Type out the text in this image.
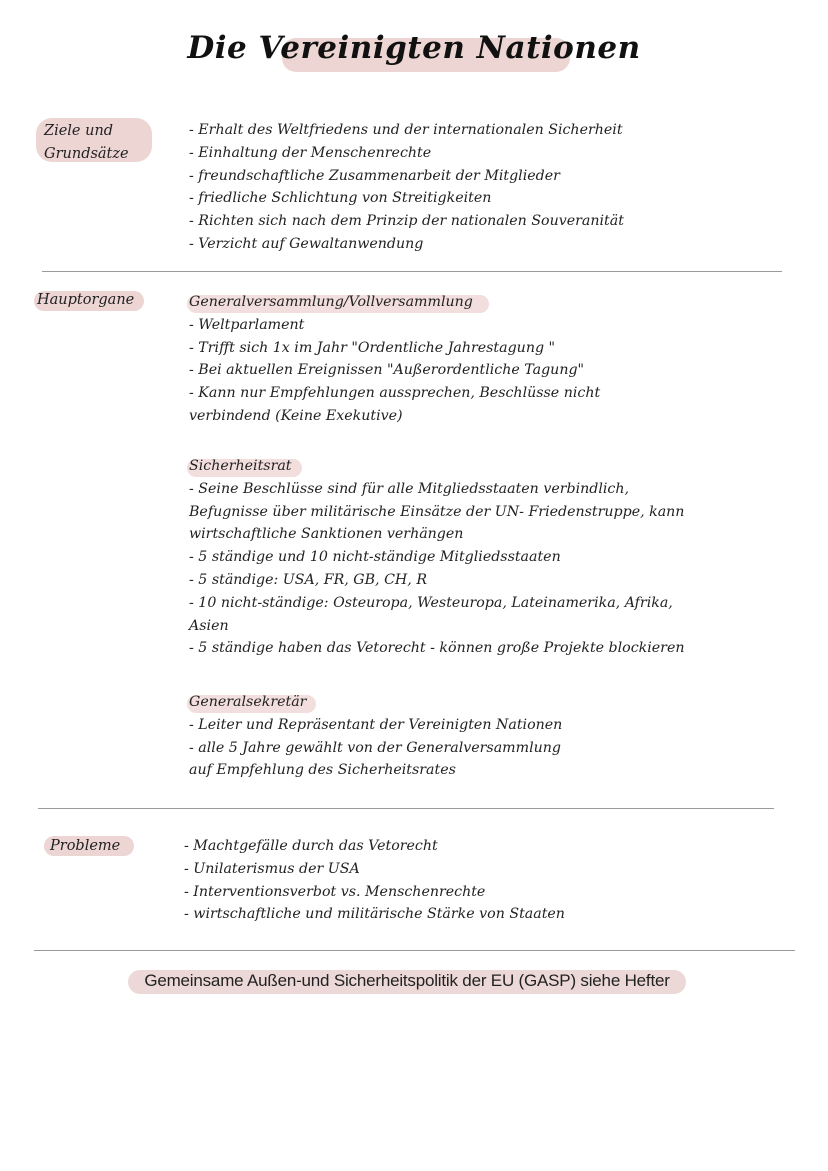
Die Vereinigten Nationen
Ziele und
Grundsätze
- Erhalt des Weltfriedens und der internationalen Sicherheit
- Einhaltung der Menschenrechte
- freundschaftliche Zusammenarbeit der Mitglieder
- friedliche Schlichtung von Streitigkeiten
- Richten sich nach dem Prinzip der nationalen Souveranität
- Verzicht auf Gewaltanwendung
Hauptorgane	Generalversammlung/Vollversammlung
- Weltparlament
- Trifft sich 1x im Jahr "Ordentliche Jahrestagung "
- Bei aktuellen Ereignissen "Außerordentliche Tagung"
- Kann nur Empfehlungen aussprechen, Beschlüsse nicht
verbindend (Keine Exekutive)
Sicherheitsrat
- Seine Beschlüsse sind für alle Mitgliedsstaaten verbindlich,
Befugnisse über militärische Einsätze der UN- Friedenstruppe, kann
wirtschaftliche Sanktionen verhängen
- 5 ständige und 10 nicht-ständige Mitgliedsstaaten
- 5 ständige: USA, FR, GB, CH, R
- 10 nicht-ständige: Osteuropa, Westeuropa, Lateinamerika, Afrika,
Asien
- 5 ständige haben das Vetorecht - können große Projekte blockieren
Generalsekretär
- Leiter und Repräsentant der Vereinigten Nationen
- alle 5 Jahre gewählt von der Generalversammlung
auf Empfehlung des Sicherheitsrates
Probleme	- Machtgefälle durch das Vetorecht
- Unilaterismus der USA
- Interventionsverbot vs. Menschenrechte
- wirtschaftliche und militärische Stärke von Staaten
Gemeinsame Außen-und Sicherheitspolitik der EU (GASP) siehe Hefter
